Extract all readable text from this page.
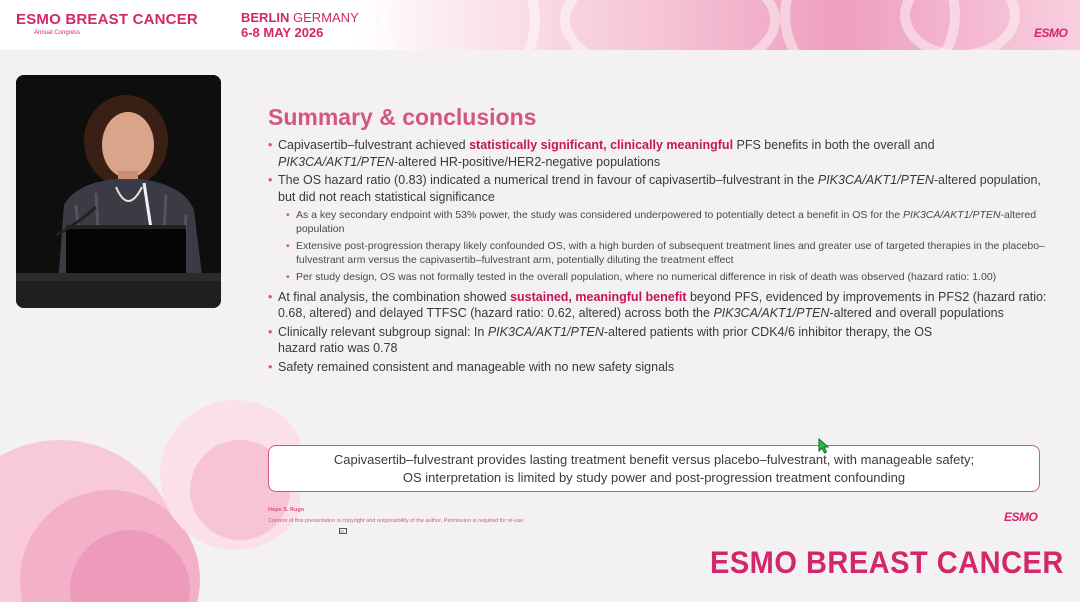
ESMO BREAST CANCER
Annual Congress
BERLIN GERMANY
6-8 MAY 2026	ESMO
Summary & conclusions
• Capivasertib–fulvestrant achieved statistically significant, clinically meaningful PFS benefits in both the overall and PIK3CA/AKT1/PTEN-altered HR-positive/HER2-negative populations
• The OS hazard ratio (0.83) indicated a numerical trend in favour of capivasertib–fulvestrant in the PIK3CA/AKT1/PTEN-altered population, but did not reach statistical significance
• As a key secondary endpoint with 53% power, the study was considered underpowered to potentially detect a benefit in OS for the PIK3CA/AKT1/PTEN-altered population
• Extensive post-progression therapy likely confounded OS, with a high burden of subsequent treatment lines and greater use of targeted therapies in the placebo–fulvestrant arm versus the capivasertib–fulvestrant arm, potentially diluting the treatment effect
• Per study design, OS was not formally tested in the overall population, where no numerical difference in risk of death was observed (hazard ratio: 1.00)
• At final analysis, the combination showed sustained, meaningful benefit beyond PFS, evidenced by improvements in PFS2 (hazard ratio: 0.68, altered) and delayed TTFSC (hazard ratio: 0.62, altered) across both the PIK3CA/AKT1/PTEN-altered and overall populations
• Clinically relevant subgroup signal: In PIK3CA/AKT1/PTEN-altered patients with prior CDK4/6 inhibitor therapy, the OS hazard ratio was 0.78
• Safety remained consistent and manageable with no new safety signals
Capivasertib–fulvestrant provides lasting treatment benefit versus placebo–fulvestrant, with manageable safety;
OS interpretation is limited by study power and post-progression treatment confounding
Hope S. Rugo
Content of this presentation is copyright and responsibility of the author. Permission is required for re-use.
cc
ESMO
ESMO BREAST CANCER
